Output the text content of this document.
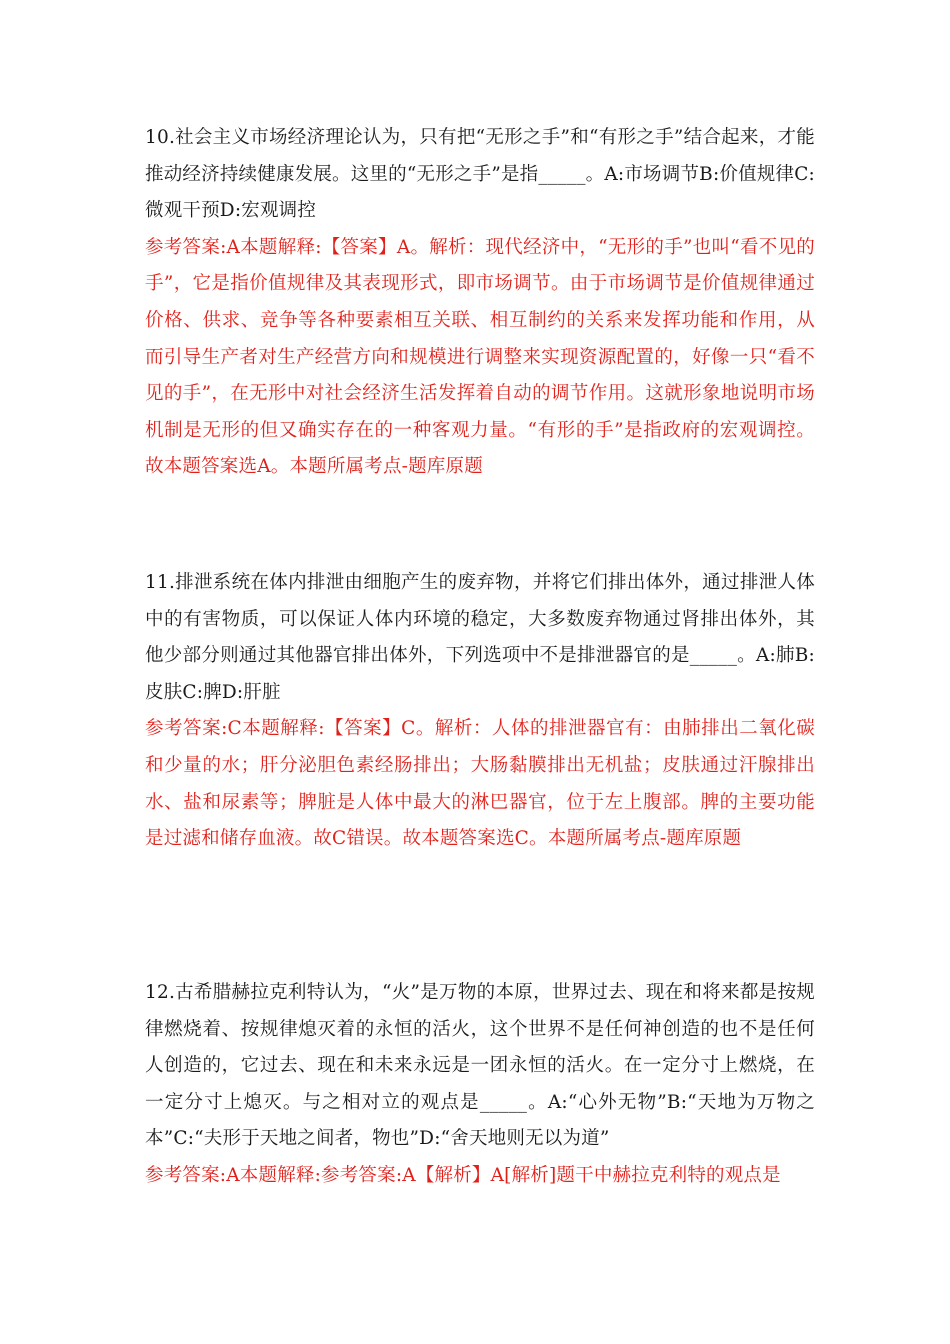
10.社会主义市场经济理论认为，只有把“无形之手”和“有形之手”结合起来，才能推动经济持续健康发展。这里的“无形之手”是指_____。A:市场调节B:价值规律C:微观干预D:宏观调控

参考答案:A本题解释:【答案】A。解析：现代经济中，“无形的手”也叫“看不见的手”，它是指价值规律及其表现形式，即市场调节。由于市场调节是价值规律通过价格、供求、竞争等各种要素相互关联、相互制约的关系来发挥功能和作用，从而引导生产者对生产经营方向和规模进行调整来实现资源配置的，好像一只“看不见的手”，在无形中对社会经济生活发挥着自动的调节作用。这就形象地说明市场机制是无形的但又确实存在的一种客观力量。“有形的手”是指政府的宏观调控。故本题答案选A。本题所属考点-题库原题

11.排泄系统在体内排泄由细胞产生的废弃物，并将它们排出体外，通过排泄人体中的有害物质，可以保证人体内环境的稳定，大多数废弃物通过肾排出体外，其他少部分则通过其他器官排出体外，下列选项中不是排泄器官的是_____。A:肺B:皮肤C:脾D:肝脏

参考答案:C本题解释:【答案】C。解析：人体的排泄器官有：由肺排出二氧化碳和少量的水；肝分泌胆色素经肠排出；大肠黏膜排出无机盐；皮肤通过汗腺排出水、盐和尿素等；脾脏是人体中最大的淋巴器官，位于左上腹部。脾的主要功能是过滤和储存血液。故C错误。故本题答案选C。本题所属考点-题库原题

12.古希腊赫拉克利特认为，“火”是万物的本原，世界过去、现在和将来都是按规律燃烧着、按规律熄灭着的永恒的活火，这个世界不是任何神创造的也不是任何人创造的，它过去、现在和未来永远是一团永恒的活火。在一定分寸上燃烧，在一定分寸上熄灭。与之相对立的观点是_____。A:“心外无物”B:“天地为万物之本”C:“夫形于天地之间者，物也”D:“舍天地则无以为道”

参考答案:A本题解释:参考答案:A【解析】A[解析]题干中赫拉克利特的观点是
